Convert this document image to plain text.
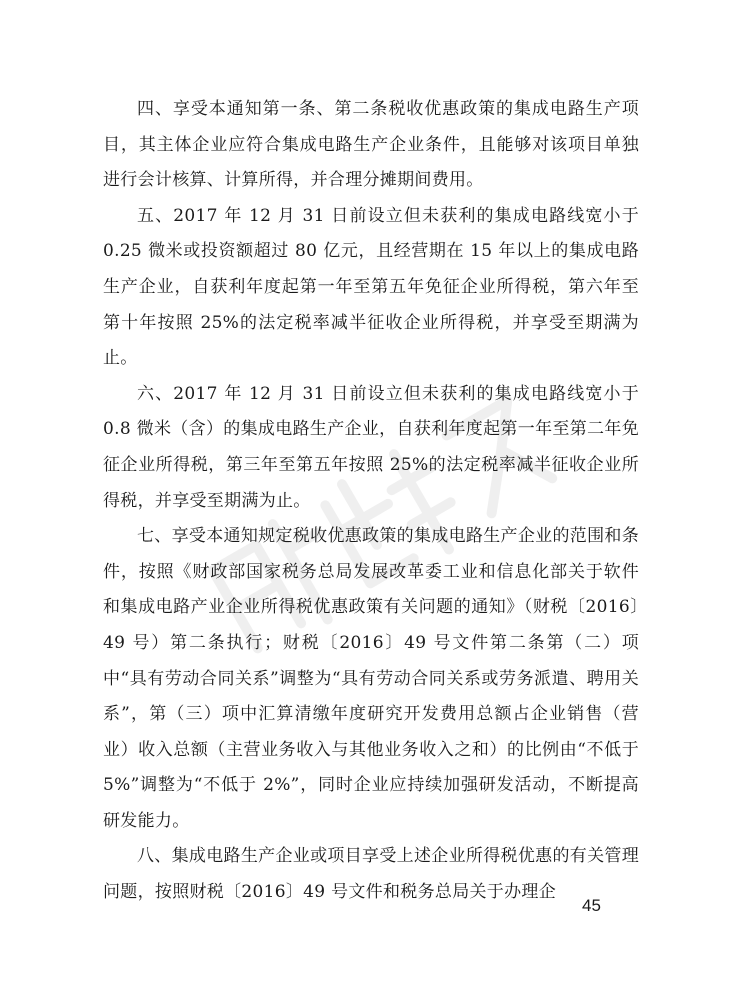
四、享受本通知第一条、第二条税收优惠政策的集成电路生产项目，其主体企业应符合集成电路生产企业条件，且能够对该项目单独进行会计核算、计算所得，并合理分摊期间费用。

五、2017 年 12 月 31 日前设立但未获利的集成电路线宽小于 0.25 微米或投资额超过 80 亿元，且经营期在 15 年以上的集成电路生产企业，自获利年度起第一年至第五年免征企业所得税，第六年至第十年按照 25%的法定税率减半征收企业所得税，并享受至期满为止。

六、2017 年 12 月 31 日前设立但未获利的集成电路线宽小于 0.8 微米（含）的集成电路生产企业，自获利年度起第一年至第二年免征企业所得税，第三年至第五年按照 25%的法定税率减半征收企业所得税，并享受至期满为止。

七、享受本通知规定税收优惠政策的集成电路生产企业的范围和条件，按照《财政部国家税务总局发展改革委工业和信息化部关于软件和集成电路产业企业所得税优惠政策有关问题的通知》（财税〔2016〕49 号）第二条执行；财税〔2016〕49 号文件第二条第（二）项中“具有劳动合同关系”调整为“具有劳动合同关系或劳务派遣、聘用关系”，第（三）项中汇算清缴年度研究开发费用总额占企业销售（营业）收入总额（主营业务收入与其他业务收入之和）的比例由“不低于 5%”调整为“不低于 2%”，同时企业应持续加强研发活动，不断提高研发能力。

八、集成电路生产企业或项目享受上述企业所得税优惠的有关管理问题，按照财税〔2016〕49 号文件和税务总局关于办理企

45
